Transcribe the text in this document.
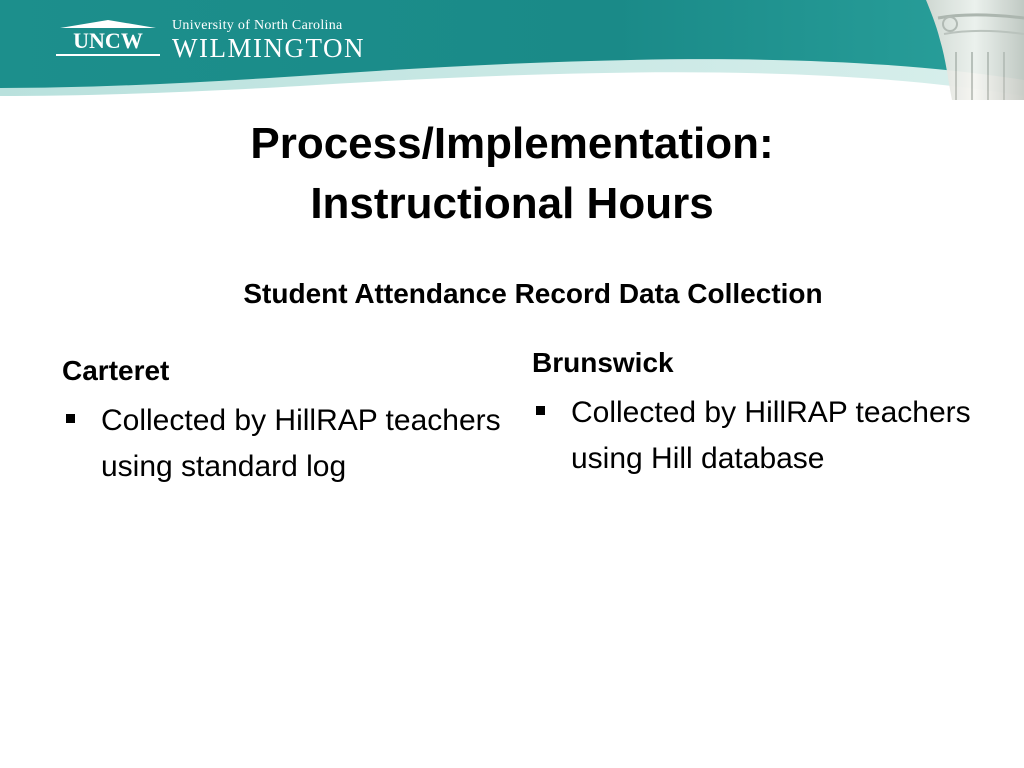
UNCW
University of North Carolina
WILMINGTON
Process/Implementation:
Instructional Hours
Student Attendance Record Data Collection
Carteret
Collected by HillRAP teachers using standard log
Brunswick
Collected by HillRAP teachers using Hill database
